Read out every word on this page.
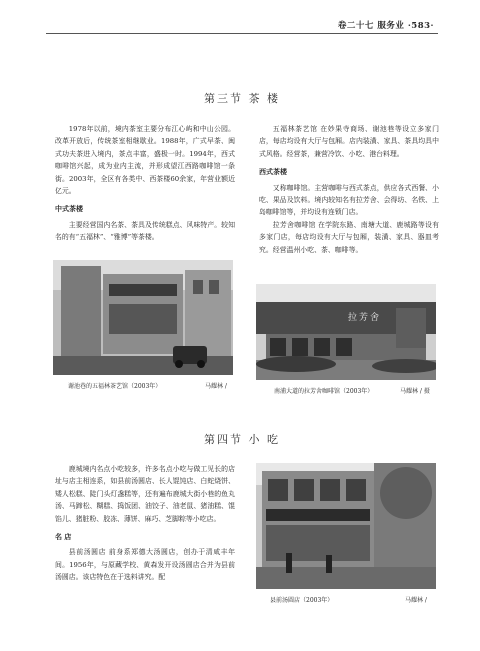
卷二十七 服务业 ·583·
第三节 茶 楼

1978年以前，境内茶室主要分布江心屿和中山公园。改革开放后，传统茶室相继歇业。1988年，广式早茶、闽式功夫茶进入境内，茶点丰富，盛极一时。1994年，西式咖啡馆兴起，成为业内主流，并形成望江西路咖啡馆一条街。2003年，全区有各类中、西茶楼60余家，年营业额近亿元。

中式茶楼

主要经营国内名茶、茶具及传统糕点、风味特产。较知名的有“五福林”、“雅博”等茶楼。

谢池巷的五福林茶艺馆（2003年）	马耀林 /

五福林茶艺馆 在妙果寺商场、谢池巷等设立多家门店，每店均设有大厅与包厢。店内装潢、家具、茶具均具中式风格。经营茶，兼营冷饮、小吃、港台料理。

西式茶楼

又称咖啡馆。主营咖啡与西式茶点，供应各式西餐、小吃、果品及饮料。境内较知名有拉芳舍、会得坊、名铁、上岛咖啡馆等，并均设有连锁门店。

拉芳舍咖啡馆 在学院东路、南塘大道、鹿城路等设有多家门店，每店均设有大厅与包厢，装潢、家具、器皿考究。经营温州小吃、茶、咖啡等。

拉芳舍
南浦大道的拉芳舍咖啡馆（2003年）	马耀林 / 摄
第四节 小 吃

鹿城境内名点小吃较多，许多名点小吃与做工见长的店址与店主相连系，如县前汤圆店、长人馄饨店、白蛇烧饼、矮人松糕、陡门头灯盏糕等，还有遍布鹿城大街小巷的鱼丸汤、马蹄松、糊糕、捣饭团、油饺子、油老鼠、猪油糕、馄馅儿、猪脏粉、胶冻、薄饼、麻巧、芝脚粽等小吃店。

名 店

县前汤圆店 前身系郑德大汤圆店，创办于清咸丰年间。1956年，与原藏学校、黄森发开设汤圆店合并为县前汤圆店。该店特色在于选料讲究。配

县前汤圆店（2003年）	马耀林 /
